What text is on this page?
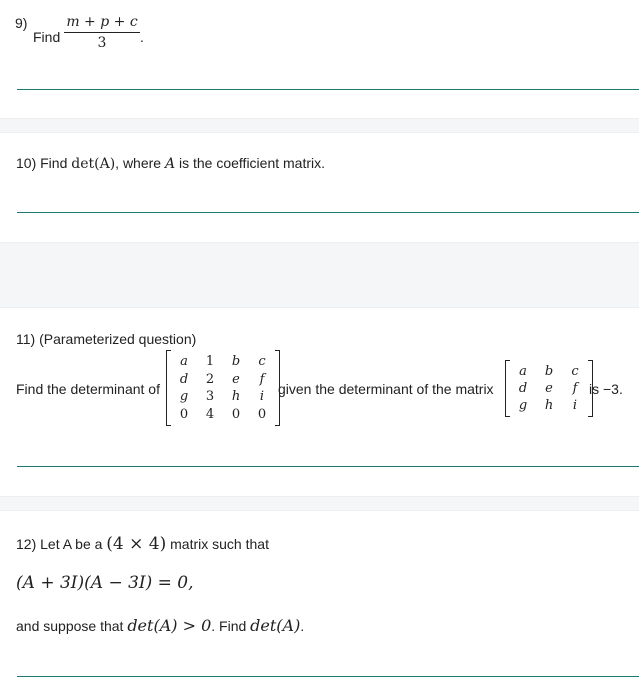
9)
Find
m + p + c
3	.
10) Find det(A), where A is the coefficient matrix.
11) (Parameterized question)
Find the determinant of
a	1	b	c
d	2	e	f
g	3	h	i
0	4	0	0
given the determinant of the matrix
a	b	c
d	e	f
g	h	i
is −3.
12) Let A be a (4 × 4) matrix such that
(A + 3I)(A − 3I) = 0,
and suppose that det(A) > 0. Find det(A).
